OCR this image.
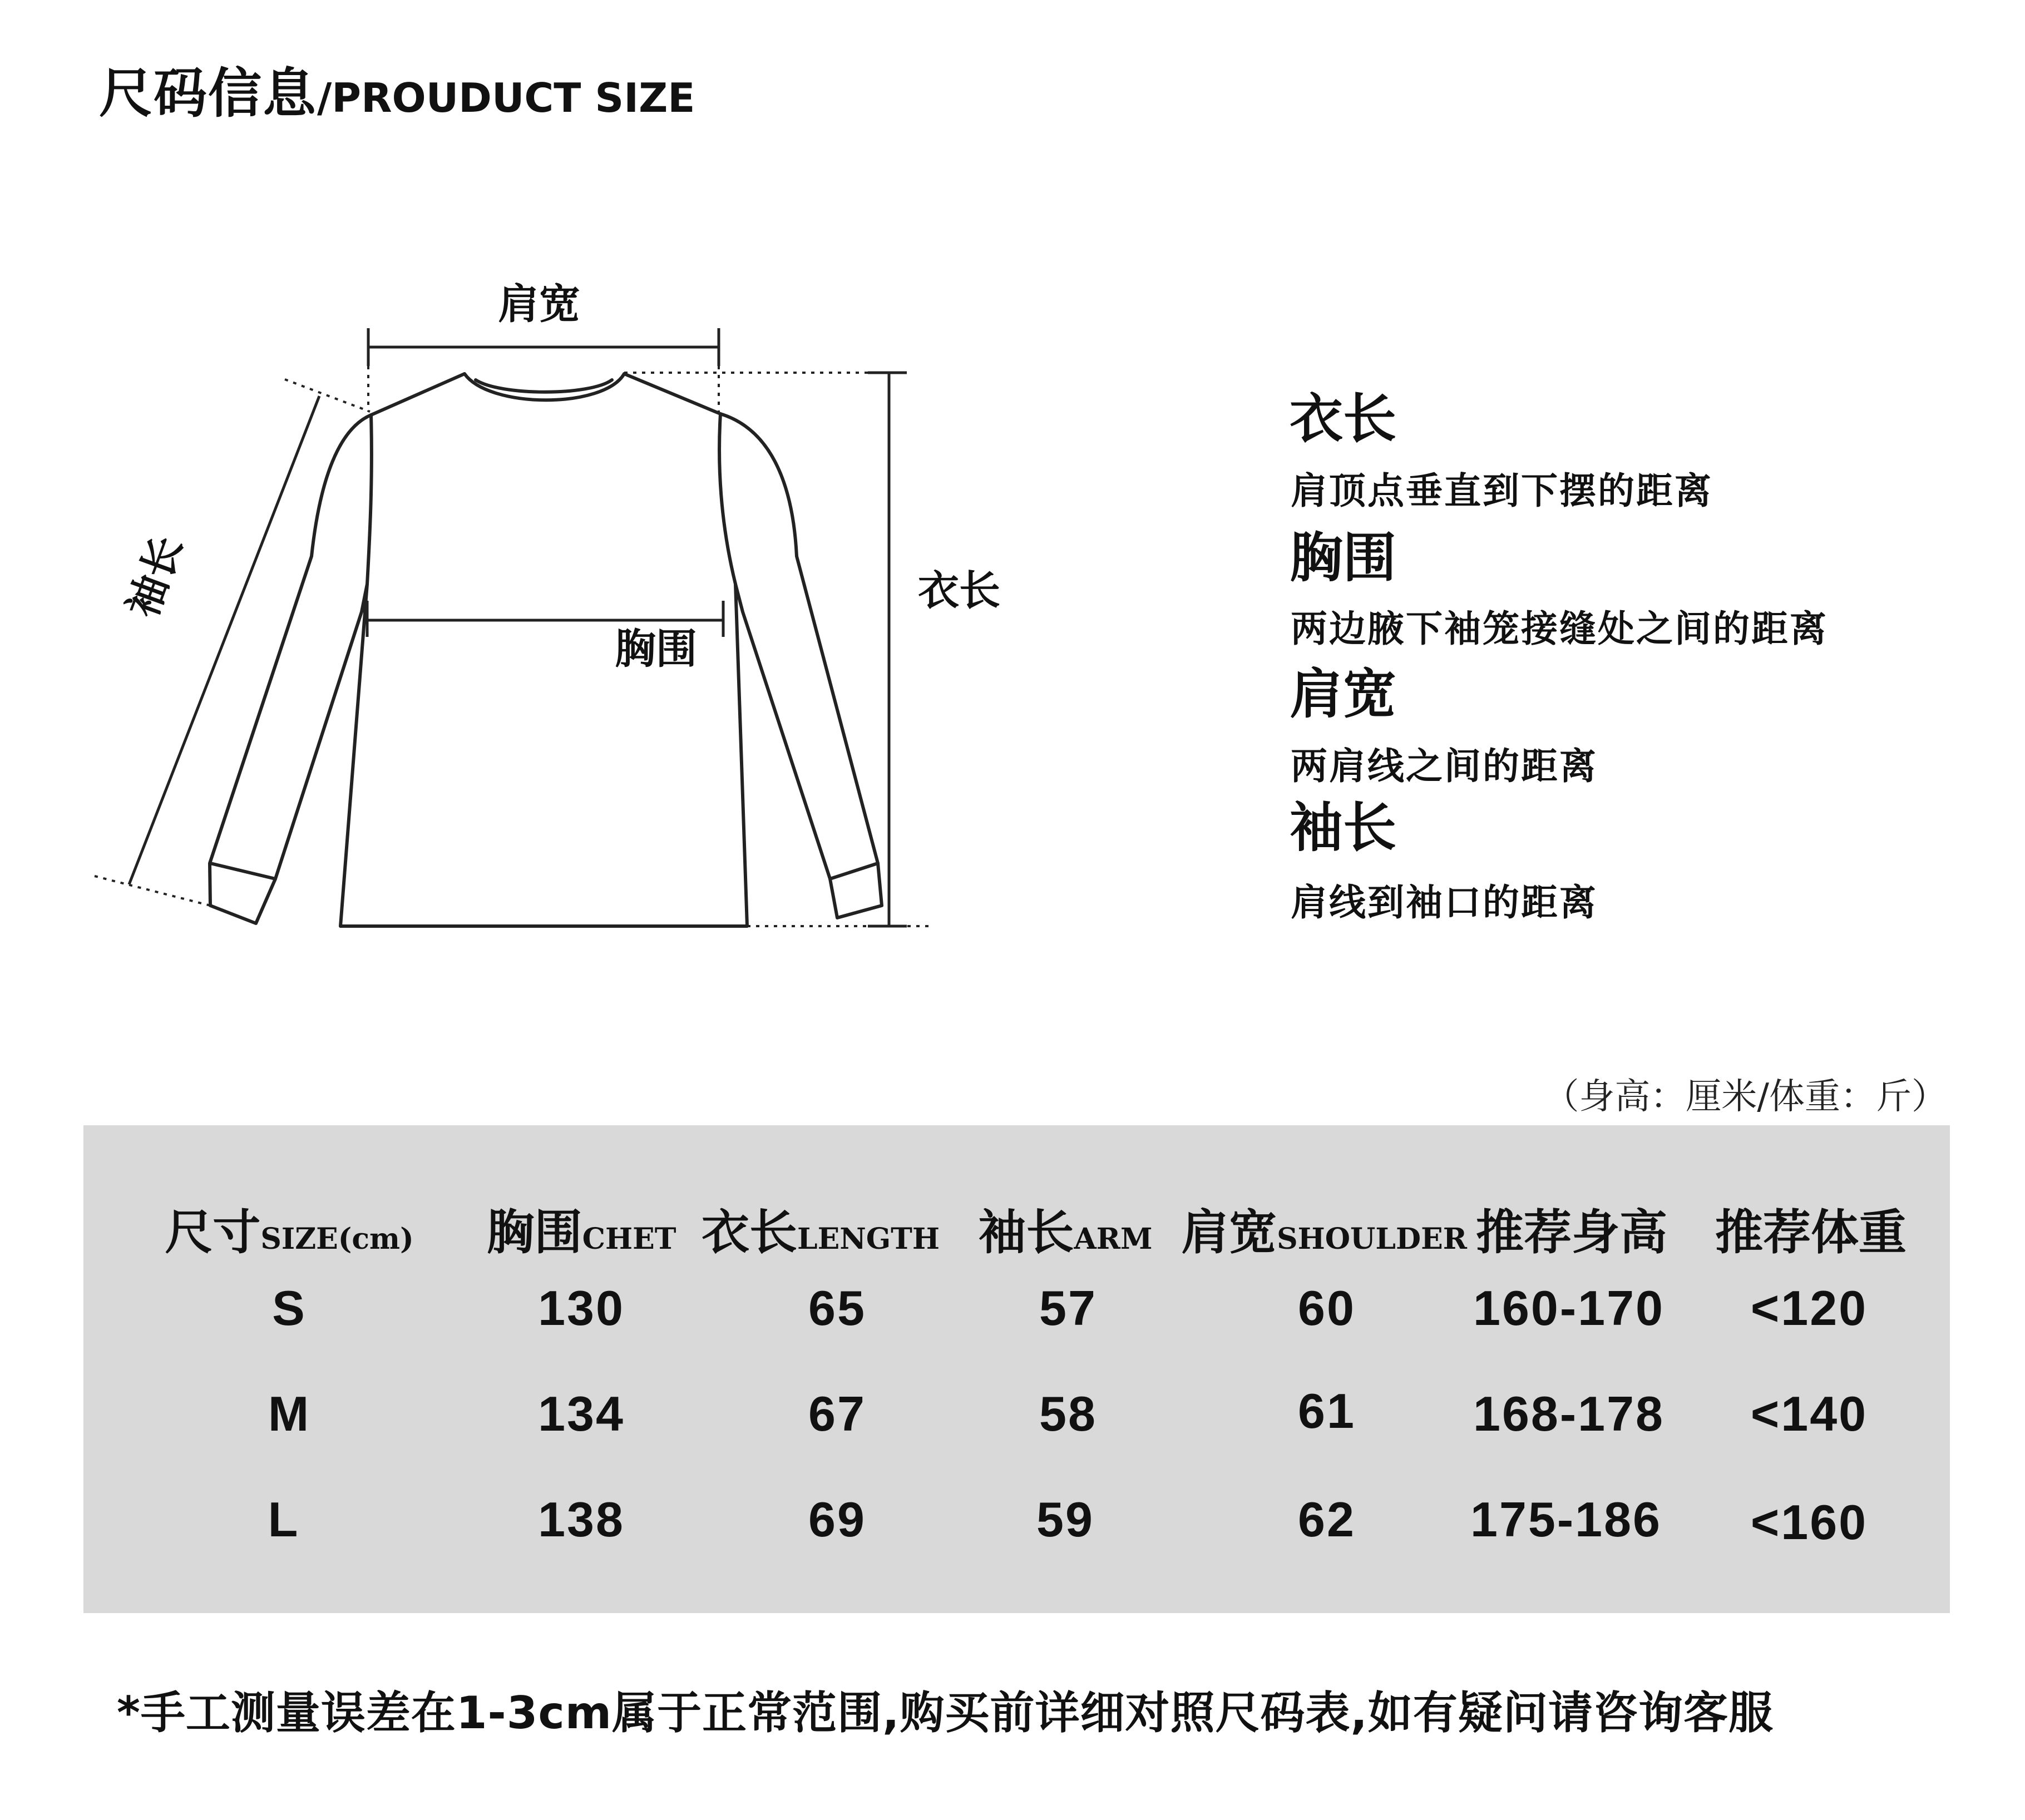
尺码信息/PROUDUCT SIZE
肩宽
胸围
衣长
袖长
衣长
肩顶点垂直到下摆的距离
胸围
两边腋下袖笼接缝处之间的距离
肩宽
两肩线之间的距离
袖长
肩线到袖口的距离
（身高：厘米/体重：斤）
尺寸SIZE(cm) 胸围CHET 衣长LENGTH 袖长ARM 肩宽SHOULDER 推荐身高 推荐体重
S	130	65	57	60 160-170 <120
M	134	67	58	61 168-178 <140
L	138	69	59	62 175-186 <160
*手工测量误差在1-3cm属于正常范围,购买前详细对照尺码表,如有疑问请咨询客服
